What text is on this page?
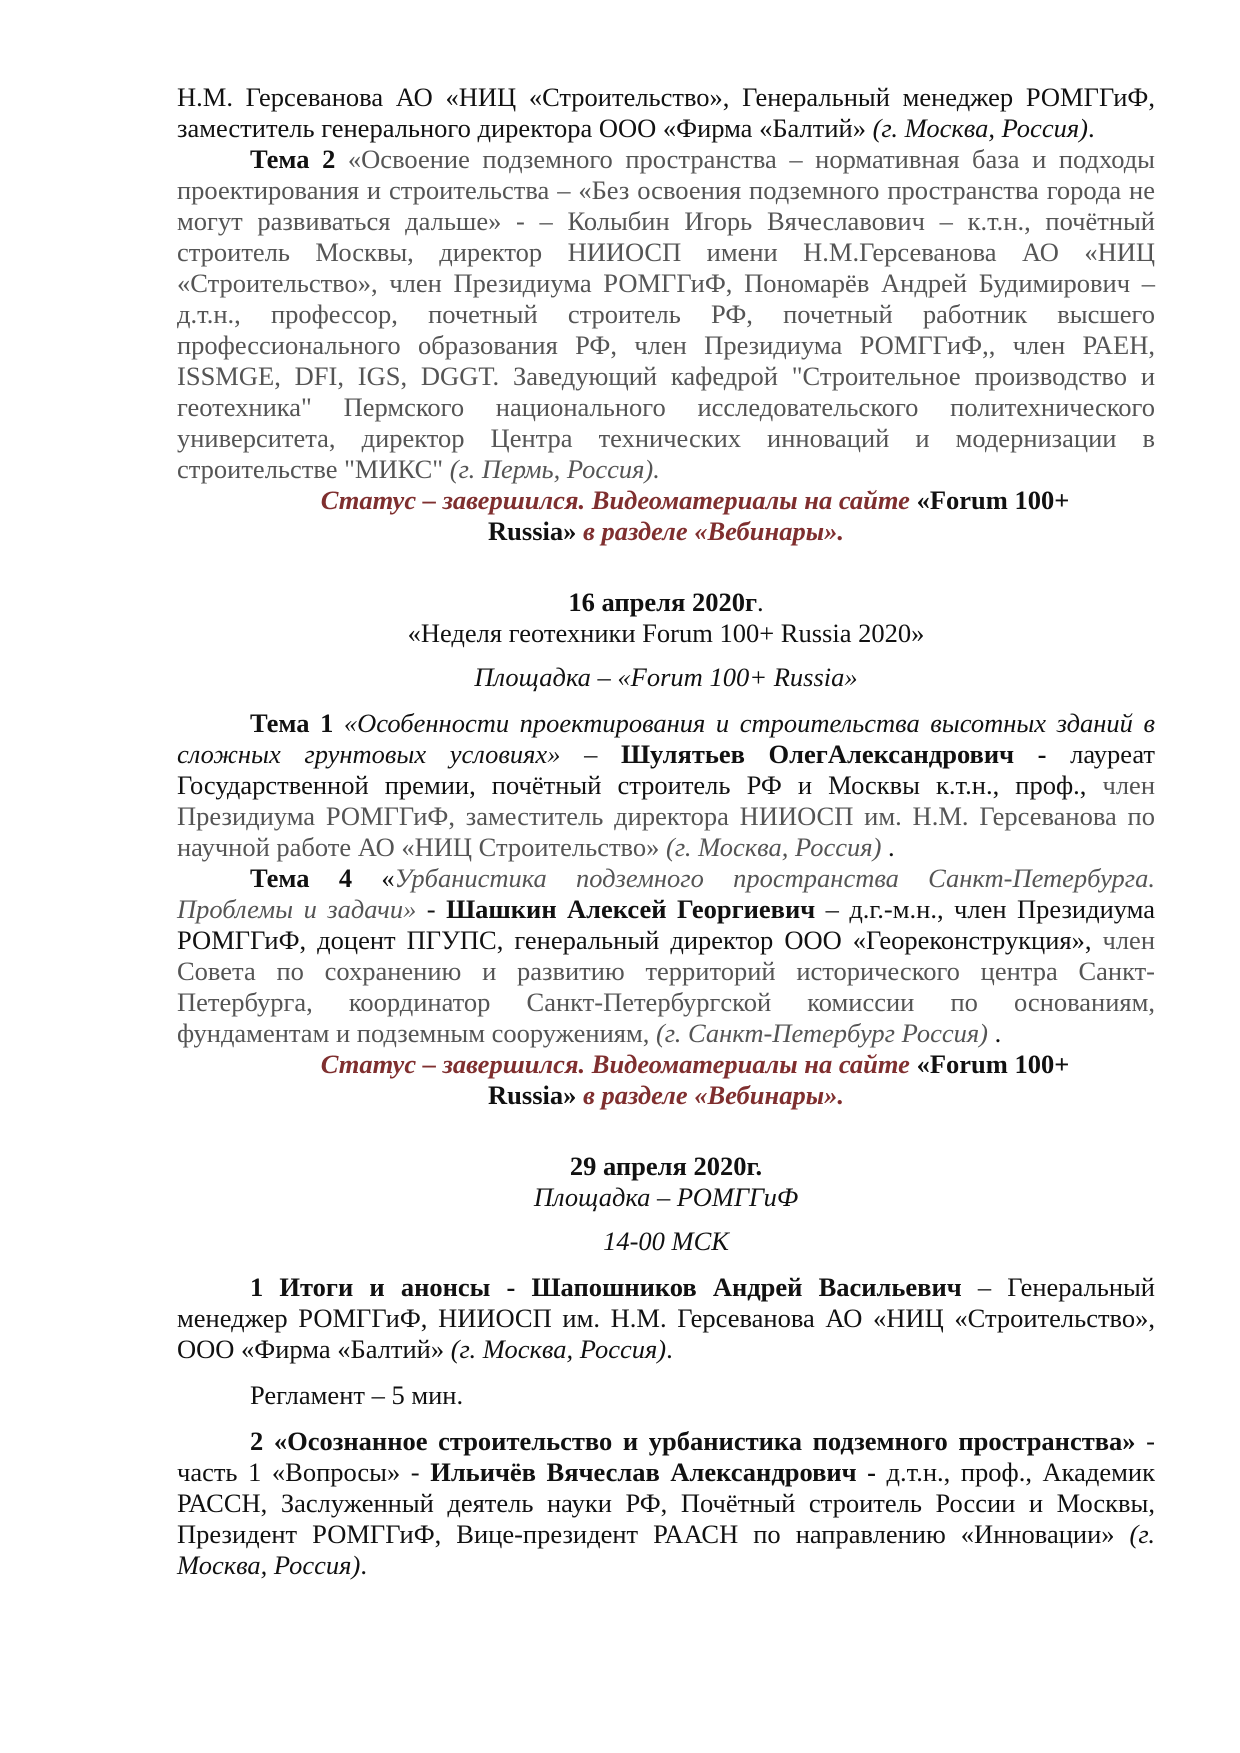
Н.М. Герсеванова АО «НИЦ «Строительство», Генеральный менеджер РОМГГиФ, заместитель генерального директора ООО «Фирма «Балтий» (г. Москва, Россия).

Тема 2 «Освоение подземного пространства – нормативная база и подходы проектирования и строительства – «Без освоения подземного пространства города не могут развиваться дальше» - – Колыбин Игорь Вячеславович – к.т.н., почётный строитель Москвы, директор НИИОСП имени Н.М.Герсеванова АО «НИЦ «Строительство», член Президиума РОМГГиФ, Пономарёв Андрей Будимирович – д.т.н., профессор, почетный строитель РФ, почетный работник высшего профессионального образования РФ, член Президиума РОМГГиФ,, член РАЕН, ISSMGE, DFI, IGS, DGGT. Заведующий кафедрой "Строительное производство и геотехника" Пермского национального исследовательского политехнического университета, директор Центра технических инноваций и модернизации в строительстве "МИКС" (г. Пермь, Россия).

Статус – завершился. Видеоматериалы на сайте «Forum 100+

Russia» в разделе «Вебинары».

16 апреля 2020г.

«Неделя геотехники Forum 100+ Russia 2020»

Площадка – «Forum 100+ Russia»

Тема 1 «Особенности проектирования и строительства высотных зданий в сложных грунтовых условиях» – Шулятьев ОлегАлександрович - лауреат Государственной премии, почётный строитель РФ и Москвы к.т.н., проф., член Президиума РОМГГиФ, заместитель директора НИИОСП им. Н.М. Герсеванова по научной работе АО «НИЦ Строительство» (г. Москва, Россия) .

Тема 4 «Урбанистика подземного пространства Санкт-Петербурга. Проблемы и задачи» - Шашкин Алексей Георгиевич – д.г.-м.н., член Президиума РОМГГиФ, доцент ПГУПС, генеральный директор ООО «Георeконструкция», член Совета по сохранению и развитию территорий исторического центра Санкт-Петербурга, координатор Санкт-Петербургской комиссии по основаниям, фундаментам и подземным сооружениям, (г. Санкт-Петербург Россия) .

Статус – завершился. Видеоматериалы на сайте «Forum 100+

Russia» в разделе «Вебинары».

29 апреля 2020г.

Площадка – РОМГГиФ

14-00 МСК

1 Итоги и анонсы - Шапошников Андрей Васильевич – Генеральный менеджер РОМГГиФ, НИИОСП им. Н.М. Герсеванова АО «НИЦ «Строительство», ООО «Фирма «Балтий» (г. Москва, Россия).

Регламент – 5 мин.

2 «Осознанное строительство и урбанистика подземного пространства» - часть 1 «Вопросы» - Ильичёв Вячеслав Александрович - д.т.н., проф., Академик РАССН, Заслуженный деятель науки РФ, Почётный строитель России и Москвы, Президент РОМГГиФ, Вице-президент РААСН по направлению «Инновации» (г. Москва, Россия).
